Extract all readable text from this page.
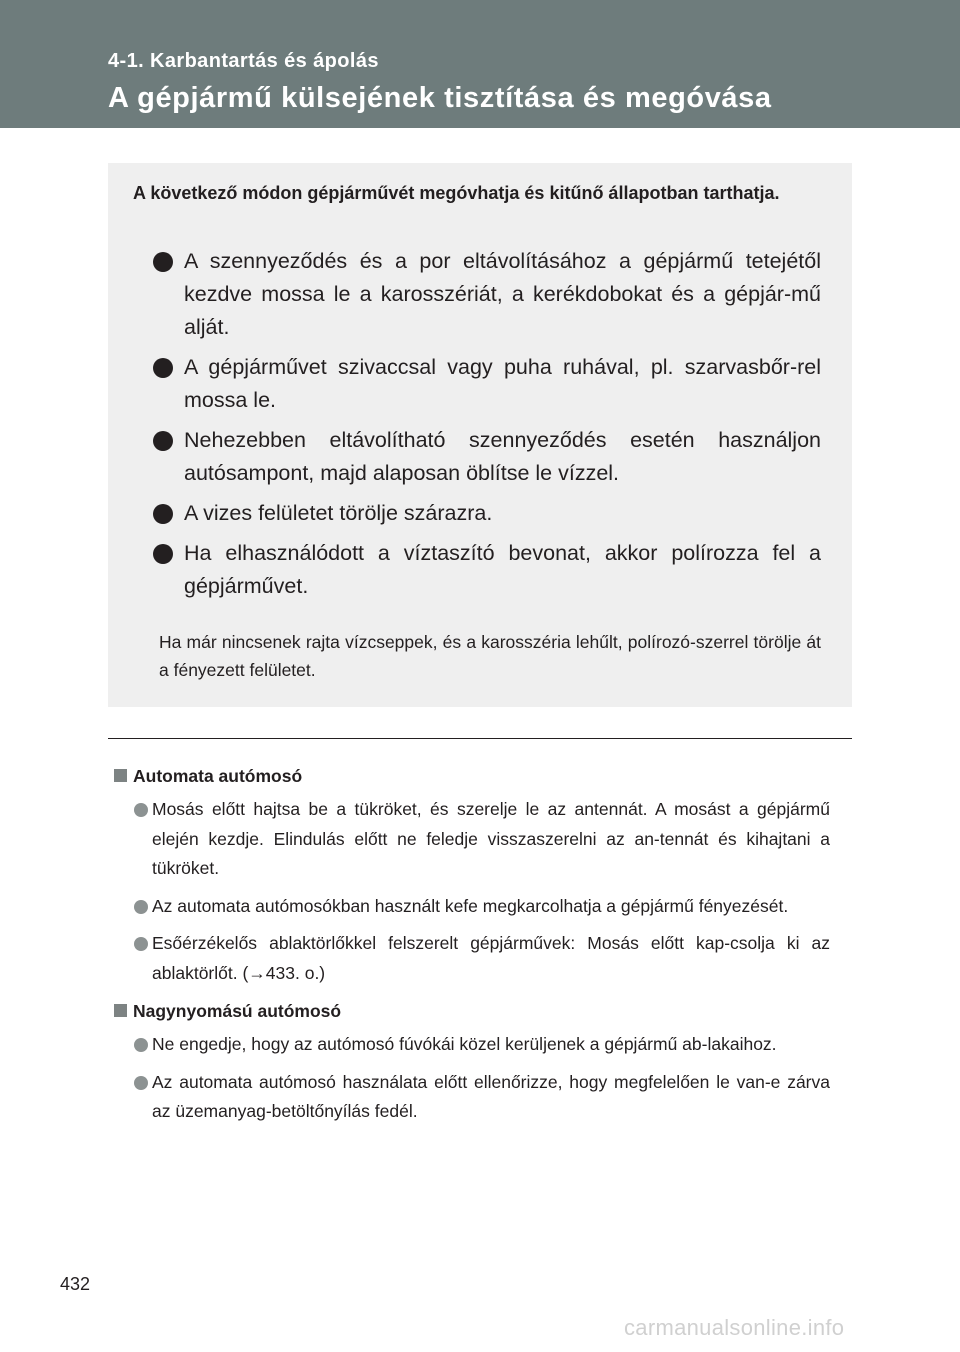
4-1. Karbantartás és ápolás
A gépjármű külsejének tisztítása és megóvása
A következő módon gépjárművét megóvhatja és kitűnő állapotban tarthatja.
A szennyeződés és a por eltávolításához a gépjármű tetejétől kezdve mossa le a karosszériát, a kerékdobokat és a gépjár-mű alját.
A gépjárművet szivaccsal vagy puha ruhával, pl. szarvasbőr-rel mossa le.
Nehezebben eltávolítható szennyeződés esetén használjon autósampont, majd alaposan öblítse le vízzel.
A vizes felületet törölje szárazra.
Ha elhasználódott a víztaszító bevonat, akkor polírozza fel a gépjárművet.
Ha már nincsenek rajta vízcseppek, és a karosszéria lehűlt, polírozó-szerrel törölje át a fényezett felületet.
Automata autómosó
Mosás előtt hajtsa be a tükröket, és szerelje le az antennát. A mosást a gépjármű elején kezdje. Elindulás előtt ne feledje visszaszerelni az an-tennát és kihajtani a tükröket.
Az automata autómosókban használt kefe megkarcolhatja a gépjármű fényezését.
Esőérzékelős ablaktörlőkkel felszerelt gépjárművek: Mosás előtt kap-csolja ki az ablaktörlőt. (→433. o.)
Nagynyomású autómosó
Ne engedje, hogy az autómosó fúvókái közel kerüljenek a gépjármű ab-lakaihoz.
Az automata autómosó használata előtt ellenőrizze, hogy megfelelően le van-e zárva az üzemanyag-betöltőnyílás fedél.
432
carmanualsonline.info
